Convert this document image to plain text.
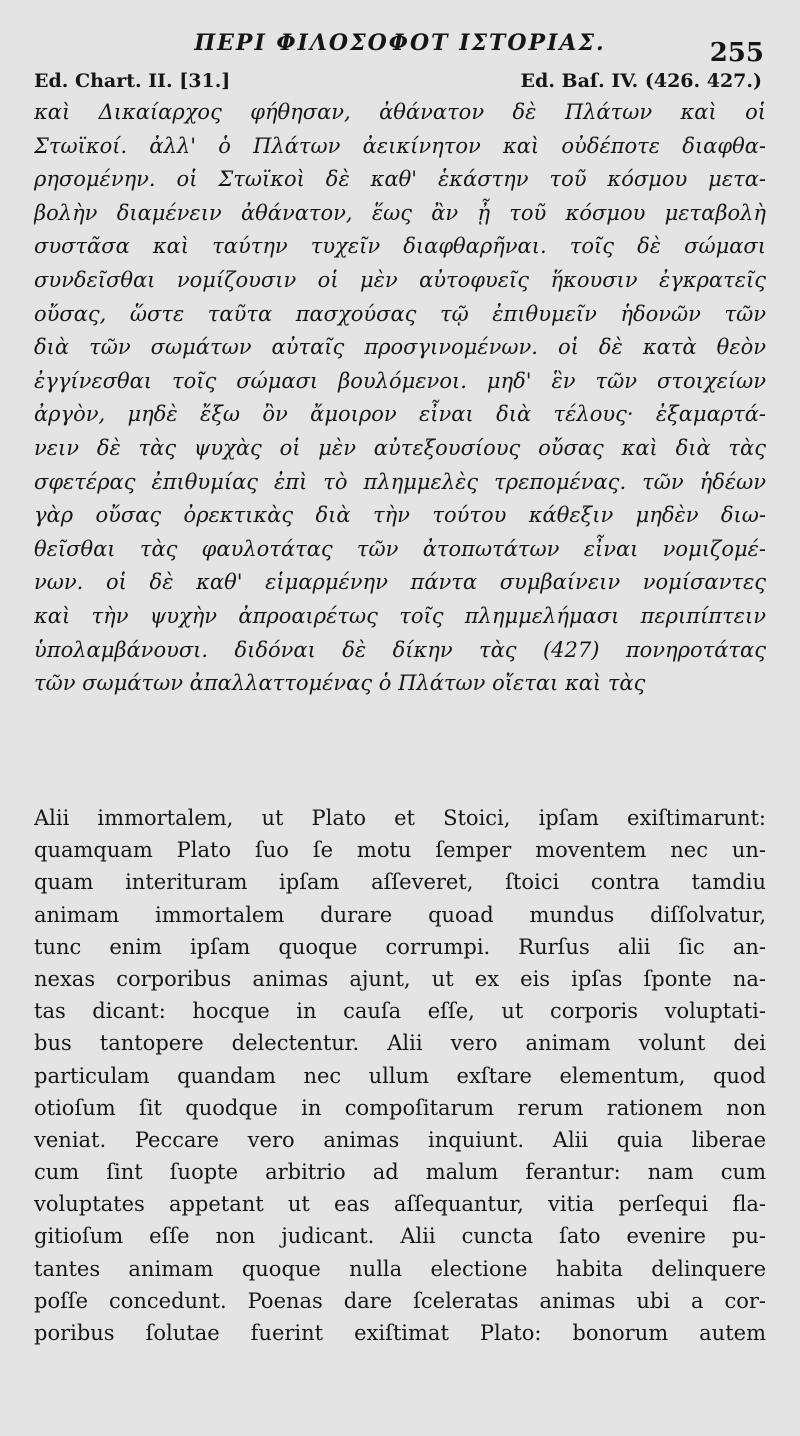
ΠΕΡΙ ΦΙΛΟΣΟΦΟΤ ΙΣΤΟΡΙΑΣ.	255
Ed. Chart. II. [31.]	Ed. Baſ. IV. (426. 427.)
καὶ Δικαίαρχος φήθησαν, ἀθάνατον δὲ Πλάτων καὶ οἱ
Στωϊκοί. ἀλλ' ὁ Πλάτων ἀεικίνητον καὶ οὐδέποτε διαφθα-
ρησομένην. οἱ Στωϊκοὶ δὲ καθ' ἑκάστην τοῦ κόσμου μετα-
βολὴν διαμένειν ἀθάνατον, ἕως ἂν ᾖ τοῦ κόσμου μεταβολὴ
συστᾶσα καὶ ταύτην τυχεῖν διαφθαρῆναι. τοῖς δὲ σώμασι
συνδεῖσθαι νομίζουσιν οἱ μὲν αὐτοφυεῖς ἥκουσιν ἐγκρατεῖς
οὔσας, ὥστε ταῦτα πασχούσας τῷ ἐπιθυμεῖν ἡδονῶν τῶν
διὰ τῶν σωμάτων αὐταῖς προσγινομένων. οἱ δὲ κατὰ θεὸν
ἐγγίνεσθαι τοῖς σώμασι βουλόμενοι. μηδ' ἓν τῶν στοιχείων
ἀργὸν, μηδὲ ἔξω ὂν ἄμοιρον εἶναι διὰ τέλους· ἐξαμαρτά-
νειν δὲ τὰς ψυχὰς οἱ μὲν αὐτεξουσίους οὔσας καὶ διὰ τὰς
σφετέρας ἐπιθυμίας ἐπὶ τὸ πλημμελὲς τρεπομένας. τῶν ἡδέων
γὰρ οὔσας ὀρεκτικὰς διὰ τὴν τούτου κάθεξιν μηδὲν διω-
θεῖσθαι τὰς φαυλοτάτας τῶν ἀτοπωτάτων εἶναι νομιζομέ-
νων. οἱ δὲ καθ' εἱμαρμένην πάντα συμβαίνειν νομίσαντες
καὶ τὴν ψυχὴν ἀπροαιρέτως τοῖς πλημμελήμασι περιπίπτειν
ὑπολαμβάνουσι. διδόναι δὲ δίκην τὰς (427) πονηροτάτας
τῶν σωμάτων ἀπαλλαττομένας ὁ Πλάτων οἴεται καὶ τὰς
Alii immortalem, ut Plato et Stoici, ipſam exiſtimarunt:
quamquam Plato ſuo ſe motu ſemper moventem nec un-
quam interituram ipſam aſſeveret, ſtoici contra tamdiu
animam immortalem durare quoad mundus diſſolvatur,
tunc enim ipſam quoque corrumpi. Rurſus alii ſic an-
nexas corporibus animas ajunt, ut ex eis ipſas ſponte na-
tas dicant: hocque in cauſa eſſe, ut corporis voluptati-
bus tantopere delectentur. Alii vero animam volunt dei
particulam quandam nec ullum exſtare elementum, quod
otioſum ſit quodque in compoſitarum rerum rationem non
veniat. Peccare vero animas inquiunt. Alii quia liberae
cum ſint ſuopte arbitrio ad malum ferantur: nam cum
voluptates appetant ut eas aſſequantur, vitia perſequi fla-
gitioſum eſſe non judicant. Alii cuncta ſato evenire pu-
tantes animam quoque nulla electione habita delinquere
poſſe concedunt. Poenas dare ſceleratas animas ubi a cor-
poribus ſolutae fuerint exiſtimat Plato: bonorum autem
